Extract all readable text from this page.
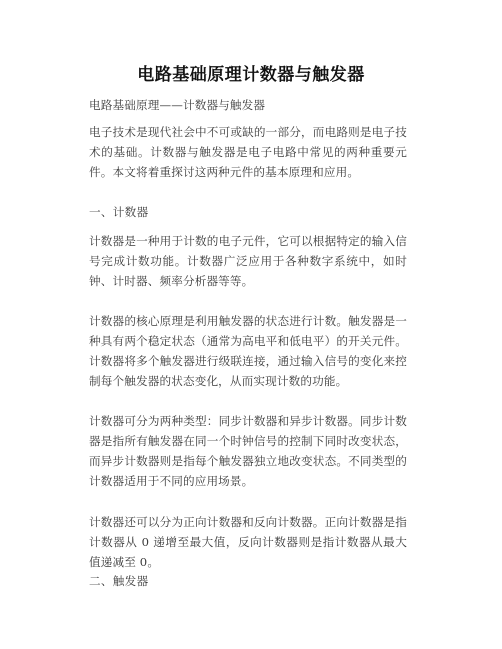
电路基础原理计数器与触发器

电路基础原理——计数器与触发器

电子技术是现代社会中不可或缺的一部分，而电路则是电子技术的基础。计数器与触发器是电子电路中常见的两种重要元件。本文将着重探讨这两种元件的基本原理和应用。

一、计数器

计数器是一种用于计数的电子元件，它可以根据特定的输入信号完成计数功能。计数器广泛应用于各种数字系统中，如时钟、计时器、频率分析器等等。

计数器的核心原理是利用触发器的状态进行计数。触发器是一种具有两个稳定状态（通常为高电平和低电平）的开关元件。计数器将多个触发器进行级联连接，通过输入信号的变化来控制每个触发器的状态变化，从而实现计数的功能。

计数器可分为两种类型：同步计数器和异步计数器。同步计数器是指所有触发器在同一个时钟信号的控制下同时改变状态，而异步计数器则是指每个触发器独立地改变状态。不同类型的计数器适用于不同的应用场景。

计数器还可以分为正向计数器和反向计数器。正向计数器是指计数器从 0 递增至最大值，反向计数器则是指计数器从最大值递减至 0。

二、触发器
